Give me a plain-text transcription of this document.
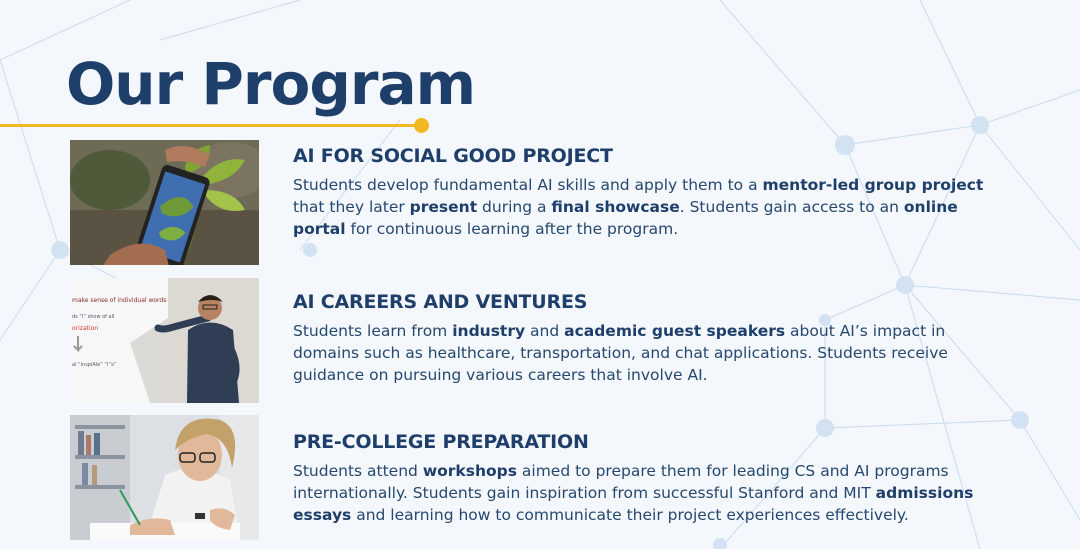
Our Program
make sense of individual words
ds “I” show of all
orization
al “inspiAle” “I”s”
AI FOR SOCIAL GOOD PROJECT

Students develop fundamental AI skills and apply them to a mentor-led group project that they later present during a final showcase. Students gain access to an online portal for continuous learning after the program.

AI CAREERS AND VENTURES

Students learn from industry and academic guest speakers about AI’s impact in domains such as healthcare, transportation, and chat applications. Students receive guidance on pursuing various careers that involve AI.

PRE-COLLEGE PREPARATION

Students attend workshops aimed to prepare them for leading CS and AI programs internationally. Students gain inspiration from successful Stanford and MIT admissions essays and learning how to communicate their project experiences effectively.
